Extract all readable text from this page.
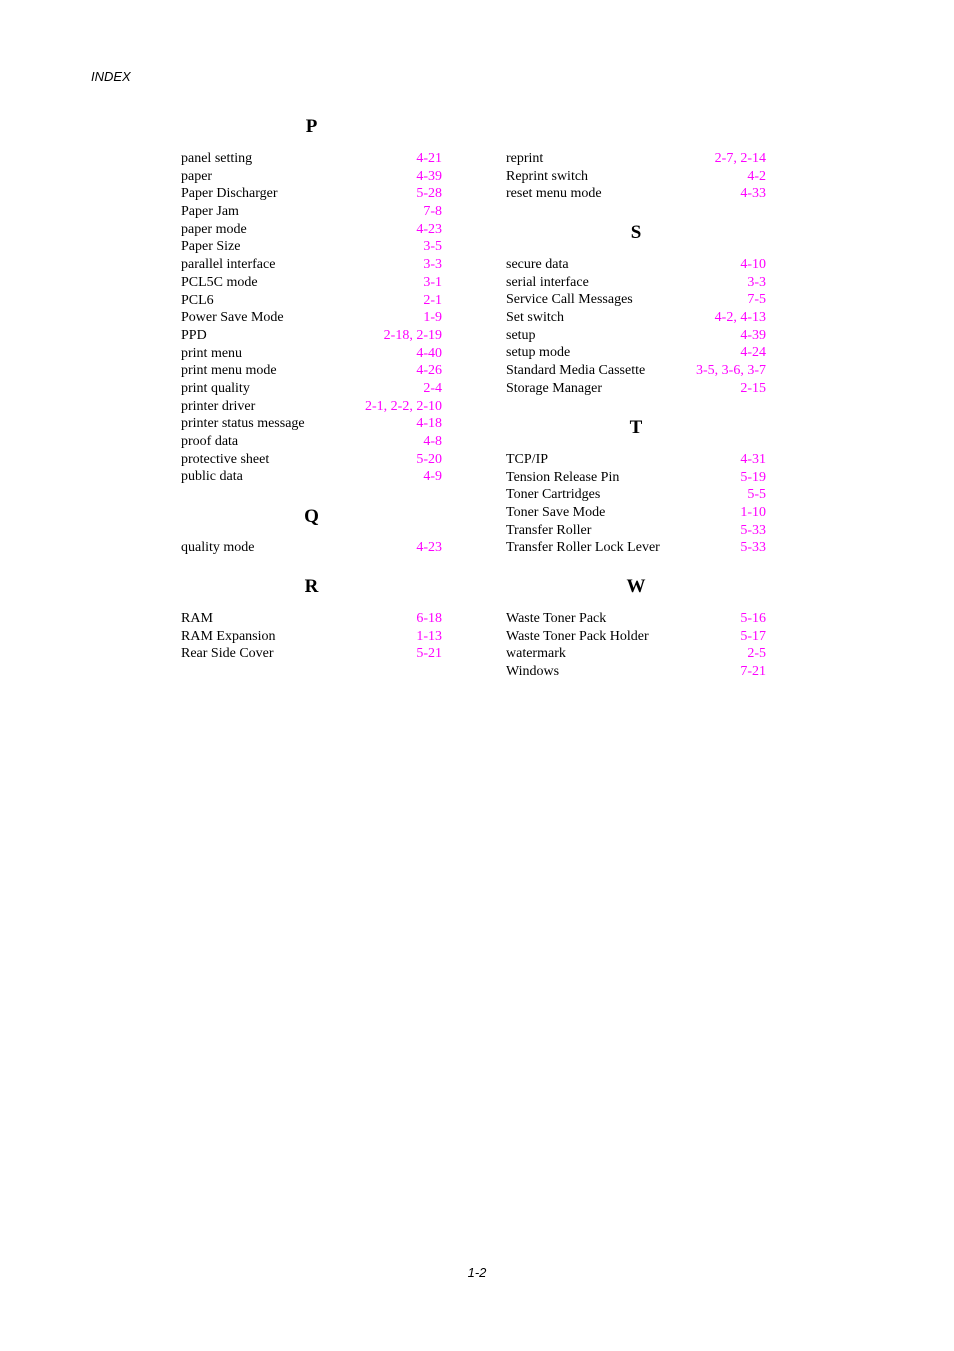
INDEX
P
panel setting	4-21
paper	4-39
Paper Discharger	5-28
Paper Jam	7-8
paper mode	4-23
Paper Size	3-5
parallel interface	3-3
PCL5C mode	3-1
PCL6	2-1
Power Save Mode	1-9
PPD	2-18, 2-19
print menu	4-40
print menu mode	4-26
print quality	2-4
printer driver	2-1, 2-2, 2-10
printer status message	4-18
proof data	4-8
protective sheet	5-20
public data	4-9
Q
quality mode	4-23
R
RAM	6-18
RAM Expansion	1-13
Rear Side Cover	5-21
reprint	2-7, 2-14
Reprint switch	4-2
reset menu mode	4-33
S
secure data	4-10
serial interface	3-3
Service Call Messages	7-5
Set switch	4-2, 4-13
setup	4-39
setup mode	4-24
Standard Media Cassette	3-5, 3-6, 3-7
Storage Manager	2-15
T
TCP/IP	4-31
Tension Release Pin	5-19
Toner Cartridges	5-5
Toner Save Mode	1-10
Transfer Roller	5-33
Transfer Roller Lock Lever	5-33
W
Waste Toner Pack	5-16
Waste Toner Pack Holder	5-17
watermark	2-5
Windows	7-21
1-2
